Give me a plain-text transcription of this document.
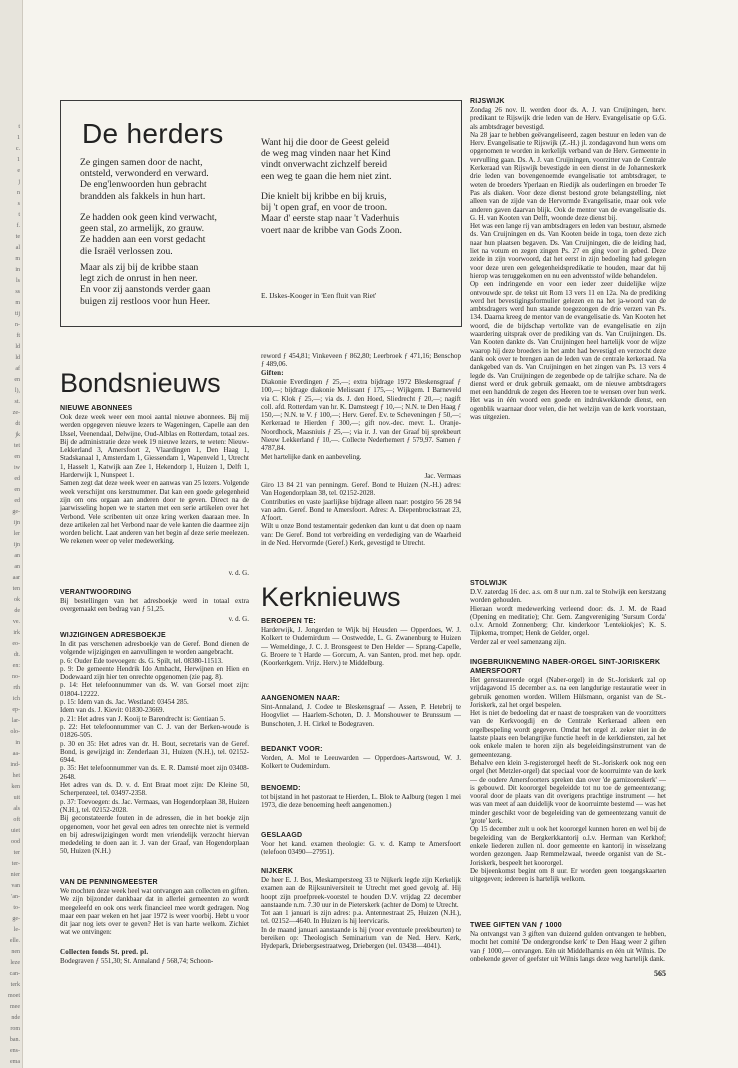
t
1
c.
1
e
j
n
s
t
f.
te
al
m
in
ls
ss
m
tij
n-
ft
ld
ld
af
en
l),
st.
ze-
dt
jk
tet
en
iw
ed
en
ed
ge-
ijn
ler
ijn
an
an
aar
ten
ok
de
ve.
irk
eo-
dt.
en:
no-
rth
ich
ep-
lar-
olo-
in
aa-
ind-
het
ken
uit
als
oft
uiet
ood
ter
ter-
nier
van
'an-
to-
ge-
le-
elle.
nen
leze
can-
terk
moet
mee
nde
rom
ban.
ens-
ema
De herders
Ze gingen samen door de nacht,
ontsteld, verwonderd en verward.
De eng'lenwoorden hun gebracht
brandden als fakkels in hun hart.
Ze hadden ook geen kind verwacht,
geen stal, zo armelijk, zo grauw.
Ze hadden aan een vorst gedacht
die Israël verlossen zou.
Maar als zij bij de kribbe staan
legt zich de onrust in hen neer.
En voor zij aanstonds verder gaan
buigen zij restloos voor hun Heer.
Want hij die door de Geest geleid
de weg mag vinden naar het Kind
vindt onverwacht zichzelf bereid
een weg te gaan die hem niet zint.
Die knielt bij kribbe en bij kruis,
bij 't open graf, en voor de troon.
Maar d' eerste stap naar 't Vaderhuis
voert naar de kribbe van Gods Zoon.
E. IJskes-Kooger in 'Een fluit van Riet'
Bondsnieuws
NIEUWE ABONNEES
Ook deze week weer een mooi aantal nieuwe abonnees. Bij mij werden opgegeven nieuwe lezers te Wageningen, Capelle aan den IJssel, Veenendaal, Delwijne, Oud-Alblas en Rotterdam, totaal zes. Bij de administratie deze week 19 nieuwe lezers, te weten: Nieuw-Lekkerland 3, Amersfoort 2, Vlaardingen 1, Den Haag 1, Stadskanaal 1, Amsterdam 1, Giessendam 1, Wapenveld 1, Utrecht 1, Hasselt 1, Katwijk aan Zee 1, Hekendorp 1, Huizen 1, Delft 1, Harderwijk 1, Nunspeet 1.
Samen zegt dat deze week weer en aanwas van 25 lezers. Volgende week verschijnt ons kerstnummer. Dat kan een goede gelegenheid zijn om ons orgaan aan anderen door te geven. Direct na de jaarwisseling hopen we te starten met een serie artikelen over het Verbond. Vele scribenten uit onze kring werken daaraan mee. In deze artikelen zal het Verbond naar de vele kanten die daarmee zijn worden belicht. Laat anderen van het begin af deze serie meelezen. We rekenen weer op veler medewerking.
v. d. G.
VERANTWOORDING
Bij bestellingen van het adresboekje werd in totaal extra overgemaakt een bedrag van ƒ 51,25.
v. d. G.
WIJZIGINGEN ADRESBOEKJE
In dit pas verschenen adresboekje van de Geref. Bond dienen de volgende wijzigingen en aanvullingen te worden aangebracht.
p. 6: Ouder Ede toevoegen: ds. G. Spilt, tel. 08380-11513.
p. 9: De gemeente Hendrik Ido Ambacht, Herwijnen en Hien en Dodewaard zijn hier ten onrechte opgenomen (zie pag. 8).
p. 14: Het telefoonnummer van ds. W. van Gorsel moet zijn: 01804-12222.
p. 15: Idem van ds. Jac. Westland: 03454 285.
Idem van ds. J. Kievit: 01830-23669.
p. 21: Het adres van J. Kooij te Barendrecht is: Gentiaan 5.
p. 22: Het telefoonnummer van C. J. van der Berken-woude is 01826-505.
p. 30 en 35: Het adres van dr. H. Bout, secretaris van de Geref. Bond, is gewijzigd in: Zenderlaan 31, Huizen (N.H.), tel. 02152-6944.
p. 35: Het telefoonnummer van ds. E. R. Damsté moet zijn 03408-2648.
Het adres van ds. D. v. d. Ent Braat moet zijn: De Kleine 50, Scherpenzeel, tel. 03497-2358.
p. 37: Toevoegen: ds. Jac. Vermaas, van Hogendorplaan 38, Huizen (N.H.), tel. 02152-2028.
Bij geconstateerde fouten in de adressen, die in het boekje zijn opgenomen, voor het geval een adres ten onrechte niet is vermeld en bij adreswijzigingen wordt men vriendelijk verzocht hiervan mededeling te doen aan ir. J. van der Graaf, van Hogendorplaan 50, Huizen (N.H.)
VAN DE PENNINGMEESTER
We mochten deze week heel wat ontvangen aan collecten en giften. We zijn bijzonder dankbaar dat in allerlei gemeenten zo wordt meegeleefd en ook ons werk financieel mee wordt gedragen. Nog maar een paar weken en het jaar 1972 is weer voorbij. Hebt u voor dit jaar nog iets over te geven? Het is van harte welkom. Zichiet wat we ontvingen:
Collecten fonds St. pred. pl.
Bodegraven ƒ 551,30; St. Annaland ƒ 568,74; Schoon-
reword ƒ 454,81; Vinkeveen ƒ 862,80; Leerbroek ƒ 471,16; Benschop ƒ 489,06.
Giften:
Diakonie Everdingen ƒ 25,—; extra bijdrage 1972 Bleskensgraaf ƒ 100,—; bijdrage diakonie Melissant ƒ 175,—; Wijkgem. I Barneveld via C. Klok ƒ 25,—; via ds. J. den Hoed, Sliedrecht ƒ 20,—; nagift coll. afd. Rotterdam van hr. K. Damsteegt ƒ 10,—; N.N. te Den Haag ƒ 150,—; N.N. te V. ƒ 100,—; Herv. Geref. Ev. te Scheveningen ƒ 50,—; Kerkeraad te Hierden ƒ 300,—; gift nov.-dec. mevr. L. Oranje-Noordhock, Maasniuis ƒ 25,—; via ir. J. van der Graaf bij sprekbeurt Nieuw Lekkerland ƒ 10,—. Collecte Nederhemert ƒ 579,97. Samen ƒ 4787,84.
Met hartelijke dank en aanbeveling.
Jac. Vermaas
Giro 13 84 21 van penningm. Geref. Bond te Huizen (N.-H.) adres: Van Hogendorplaan 38, tel. 02152-2028.
Contributies en vaste jaarlijkse bijdrage alleen naar: postgiro 56 28 94 van adm. Geref. Bond te Amersfoort. Adres: A. Diepenbrockstraat 23, A'foort.
Wilt u onze Bond testamentair gedenken dan kunt u dat doen op naam van: De Geref. Bond tot verbreiding en verdediging van de Waarheid in de Ned. Hervormde (Geref.) Kerk, gevestigd te Utrecht.
Kerknieuws
BEROEPEN TE:
Harderwijk, J. Jongerden te Wijk bij Heusden — Opperdoes, W. J. Kolkert te Oudemirdum — Oostwedde, L. G. Zwanenburg te Huizen — Wemeldinge, J. C. J. Bronsgeest te Den Helder — Sprang-Capelle, G. Broere te 't Harde — Gorcum, A. van Santen, prod. met hep. opdr. (Koorkerkgem. Vrijz. Herv.) te Middelburg.
AANGENOMEN NAAR:
Sint-Annaland, J. Codee te Bleskensgraaf — Assen, P. Hetebrij te Hoogvliet — Haarlem-Schoten, D. J. Monshouwer te Brunssum — Bunschoten, J. H. Cirkel te Bodegraven.
BEDANKT VOOR:
Vorden, A. Mol te Leeuwarden — Opperdoes-Aartswoud, W. J. Kolkert te Oudemirdum.
BENOEMD:
tot bijstand in het pastoraat te Hierden, L. Blok te Aalburg (tegen 1 mei 1973, die deze benoeming heeft aangenomen.)
GESLAAGD
Voor het kand. examen theologie: G. v. d. Kamp te Amersfoort (telefoon 03490—27951).
NIJKERK
De heer E. J. Bos, Meskampersteeg 33 te Nijkerk legde zijn Kerkelijk examen aan de Rijksuniversiteit te Utrecht met goed gevolg af. Hij hoopt zijn proefpreek-voorstel te houden D.V. vrijdag 22 december aanstaande n.m. 7.30 uur in de Pieterskerk (achter de Dom) te Utrecht.
Tot aan 1 januari is zijn adres: p.a. Antennestraat 25, Huizen (N.H.), tel. 02152—4640. In Huizen is hij leervicaris.
In de maand januari aanstaande is hij (voor eventuele preekbeurten) te bereiken op: Theologisch Seminarium van de Ned. Herv. Kerk, Hydepark, Driebergsestraatweg, Driebergen (tel. 03438—4041).
RIJSWIJK
Zondag 26 nov. ll. werden door ds. A. J. van Cruijningen, herv. predikant te Rijswijk drie leden van de Herv. Evangelisatie op G.G. als ambtsdrager bevestigd.
Na 28 jaar te hebben geëvangeliseerd, zagen bestuur en leden van de Herv. Evangelisatie te Rijswijk (Z.-H.) jl. zondagavond hun wens om opgenomen te worden in kerkelijk verband van de Herv. Gemeente in vervulling gaan. Ds. A. J. van Cruijningen, voorzitter van de Centrale Kerkeraad van Rijswijk bevestigde in een dienst in de Johanneskerk drie leden van bovengenoemde evangelisatie tot ambtsdrager, te weten de broeders Yperlaan en Riedijk als ouderlingen en broeder Te Pas als diaken. Voor deze dienst bestond grote belangstelling, niet alleen van de zijde van de Hervormde Evangelisatie, maar ook vele anderen gaven daarvan blijk. Ook de mentor van de evangelisatie ds. G. H. van Kooten van Delft, woonde deze dienst bij.
Het was een lange rij van ambtsdragers en leden van bestuur, alsmede ds. Van Cruijningen en ds. Van Kooten beide in toga, toen deze zich naar hun plaatsen begaven. Ds. Van Cruijningen, die de leiding had, liet na votum en zegen zingen Ps. 27 en ging voor in gebed. Deze zeide in zijn voorwoord, dat het eerst in zijn bedoeling had gelegen voor deze uren een gelegenheidspredikatie te houden, maar dat hij hierop was teruggekomen en nu een adventsstof wilde behandelen.
Op een indringende en voor een ieder zeer duidelijke wijze ontvouwde spr. de tekst uit Rom 13 vers 11 en 12a. Na de prediking werd het bevestigingsformulier gelezen en na het ja-woord van de ambtsdragers werd hun staande toegezongen de drie verzen van Ps. 134. Daarna kreeg de mentor van de evangelisatie ds. Van Kooten het woord, die de bijdschap vertolkte van de evangelisatie en zijn waardering uitsprak over de prediking van ds. Van Cruijningen. Ds. Van Kooten dankte ds. Van Cruijningen heel hartelijk voor de wijze waarop hij deze broeders in het ambt had bevestigd en verzocht deze dank ook over te brengen aan de leden van de centrale kerkeraad. Na dankgebed van ds. Van Cruijningen en het zingen van Ps. 13 vers 4 legde ds. Van Cruijningen de zegenbede op de talrijke schare. Na de dienst werd er druk gebruik gemaakt, om de nieuwe ambtsdragers met een handdruk de zegen des Heeren toe te wensen over hun werk. Het was in één woord een goede en indrukwekkende dienst, een ogenblik waarnaar door velen, die het welzijn van de kerk voorstaan, was uitgezien.
STOLWIJK
D.V. zaterdag 16 dec. a.s. om 8 uur n.m. zal te Stolwijk een kerstzang worden gehouden.
Hieraan wordt medewerking verleend door: ds. J. M. de Raad (Opening en meditatie); Chr. Gem. Zangvereniging 'Sursum Corda' o.l.v. Arnold Zonnenberg; Chr. kinderkoor 'Lentekiokjes'; K. S. Tijpkema, trompet; Henk de Gelder, orgel.
Verder zal er veel samenzang zijn.
INGEBRUIKNEMING NABER-ORGEL SINT-JORISKERK AMERSFOORT
Het gerestaureerde orgel (Naber-orgel) in de St.-Joriskerk zal op vrijdagavond 15 december a.s. na een langdurige restauratie weer in gebruik genomen worden. Willem Hülsmann, organist van de St.-Joriskerk, zal het orgel bespelen.
Het is niet de bedoeling dat er naast de toespraken van de voorzitters van de Kerkvoogdij en de Centrale Kerkeraad alleen een orgelbespeling wordt gegeven. Omdat het orgel zl. zeker niet in de laatste plaats een belangrijke functie heeft in de kerkdiensten, zal het ook enkele malen te horen zijn als begeleidingsinstrument van de gemeentezang.
Behalve een klein 3-registerorgel heeft de St.-Joriskerk ook nog een orgel (het Metzler-orgel) dat speciaal voor de koorruimte van de kerk — de oudere Amersfoorters spreken dan over 'de garnizoenskerk' — is gebouwd. Dit koororgel begeleidde tot nu toe de gemeentezang; vooral door de plaats van dit overigens prachtige instrument — het was van meet af aan duidelijk voor de koorruimte bestemd — was het minder geschikt voor de begeleiding van de gemeentezang vanuit de 'grote' kerk.
Op 15 december zult u ook het koororgel kunnen horen en wel bij de begeleiding van de Bergkerkkantorij o.l.v. Herman van Kerkhof; enkele liederen zullen nl. door gemeente en kantorij in wisselzang worden gezongen. Jaap Remmelzwaal, tweede organist van de St.-Joriskerk, bespeelt het koororgel.
De bijeenkomst begint om 8 uur. Er worden geen toegangskaarten uitgegeven; iedereen is hartelijk welkom.
TWEE GIFTEN VAN ƒ 1000
Na ontvangst van 3 giften van duizend gulden ontvangen te hebben, mocht het comité 'De ondergrondse kerk' te Den Haag weer 2 giften van ƒ 1000,— ontvangen. Eén uit Middelharnis en één uit Wilnis. De onbekende gever of geefster uit Wilnis langs deze weg hartelijk dank.
565
